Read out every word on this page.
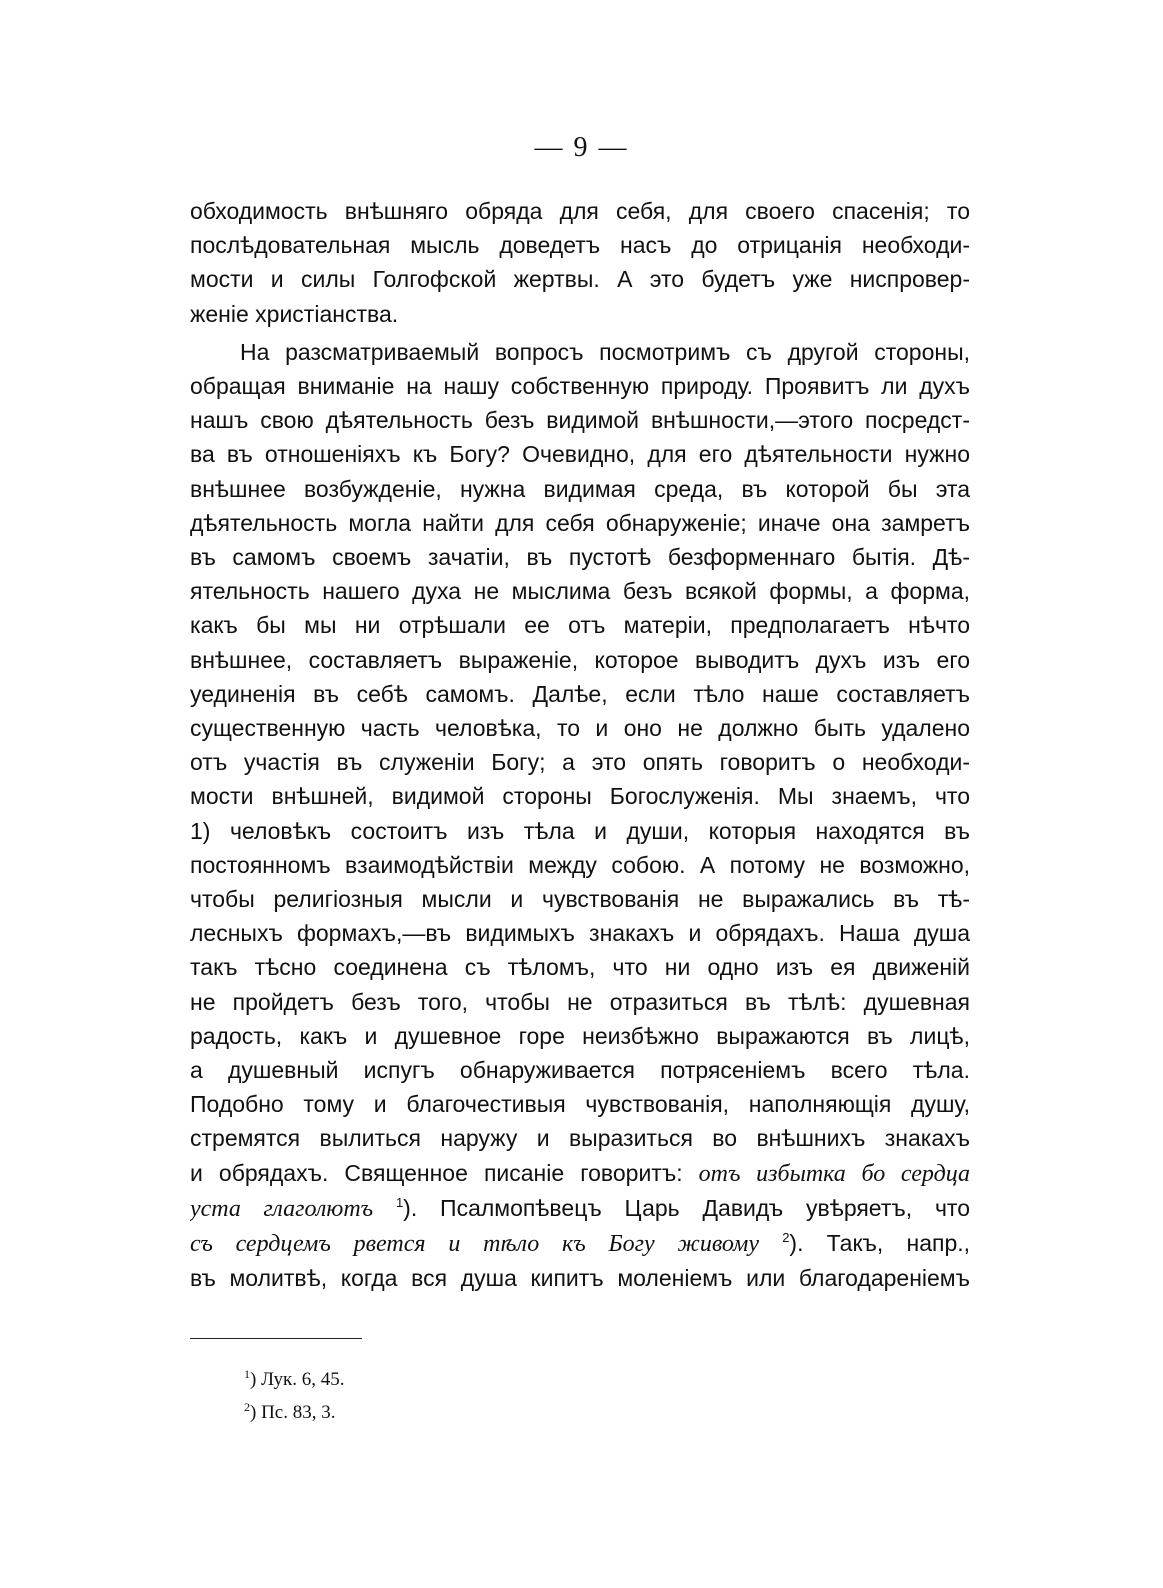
— 9 —

обходимость внѣшняго обряда для себя, для своего спасенія; то
послѣдовательная мысль доведетъ насъ до отрицанія необходи-
мости и силы Голгофской жертвы. А это будетъ уже ниспровер-
женіе христіанства.

На разсматриваемый вопросъ посмотримъ съ другой стороны,
обращая вниманіе на нашу собственную природу. Проявитъ ли духъ
нашъ свою дѣятельность безъ видимой внѣшности,—этого посредст-
ва въ отношеніяхъ къ Богу? Очевидно, для его дѣятельности нужно
внѣшнее возбужденіе, нужна видимая среда, въ которой бы эта
дѣятельность могла найти для себя обнаруженіе; иначе она замретъ
въ самомъ своемъ зачатіи, въ пустотѣ безформеннаго бытія. Дѣ-
ятельность нашего духа не мыслима безъ всякой формы, а форма,
какъ бы мы ни отрѣшали ее отъ матеріи, предполагаетъ нѣчто
внѣшнее, составляетъ выраженіе, которое выводитъ духъ изъ его
уединенія въ себѣ самомъ. Далѣе, если тѣло наше составляетъ
существенную часть человѣка, то и оно не должно быть удалено
отъ участія въ служеніи Богу; а это опять говоритъ о необходи-
мости внѣшней, видимой стороны Богослуженія. Мы знаемъ, что
1) человѣкъ состоитъ изъ тѣла и души, которыя находятся въ
постоянномъ взаимодѣйствіи между собою. А потому не возможно,
чтобы религіозныя мысли и чувствованія не выражались въ тѣ-
лесныхъ формахъ,—въ видимыхъ знакахъ и обрядахъ. Наша душа
такъ тѣсно соединена съ тѣломъ, что ни одно изъ ея движеній
не пройдетъ безъ того, чтобы не отразиться въ тѣлѣ: душевная
радость, какъ и душевное горе неизбѣжно выражаются въ лицѣ,
а душевный испугъ обнаруживается потрясеніемъ всего тѣла.
Подобно тому и благочестивыя чувствованія, наполняющія душу,
стремятся вылиться наружу и выразиться во внѣшнихъ знакахъ
и обрядахъ. Священное писаніе говоритъ: отъ избытка бо сердца
уста глаголютъ $^1$). Псалмопѣвецъ Царь Давидъ увѣряетъ, что
съ сердцемъ рвется и тѣло къ Богу живому $^2$). Такъ, напр.,
въ молитвѣ, когда вся душа кипитъ моленіемъ или благодареніемъ

$^1$) Лук. 6, 45.
$^2$) Пс. 83, 3.
